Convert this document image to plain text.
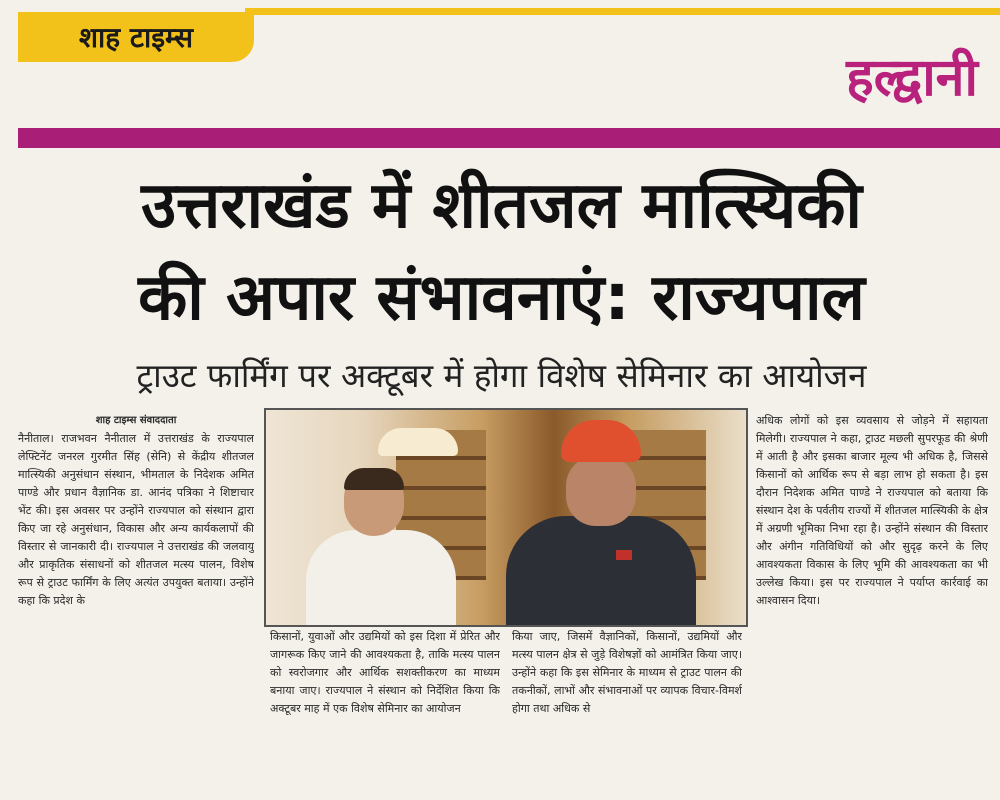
शाह टाइम्स
हल्द्वानी
उत्तराखंड में शीतजल मात्स्यिकी
की अपार संभावनाएं: राज्यपाल
ट्राउट फार्मिंग पर अक्टूबर में होगा विशेष सेमिनार का आयोजन
शाह टाइम्स संवाददाता
नैनीताल। राजभवन नैनीताल में उत्तराखंड के राज्यपाल लेफ्टिनेंट जनरल गुरमीत सिंह (सेनि) से केंद्रीय शीतजल मात्स्यिकी अनुसंधान संस्थान, भीमताल के निदेशक अमित पाण्डे और प्रधान वैज्ञानिक डा. आनंद पत्रिका ने शिष्टाचार भेंट की। इस अवसर पर उन्होंने राज्यपाल को संस्थान द्वारा किए जा रहे अनुसंधान, विकास और अन्य कार्यकलापों की विस्तार से जानकारी दी। राज्यपाल ने उत्तराखंड की जलवायु और प्राकृतिक संसाधनों को शीतजल मत्स्य पालन, विशेष रूप से ट्राउट फार्मिंग के लिए अत्यंत उपयुक्त बताया। उन्होंने कहा कि प्रदेश के
किसानों, युवाओं और उद्यमियों को इस दिशा में प्रेरित और जागरूक किए जाने की आवश्यकता है, ताकि मत्स्य पालन को स्वरोजगार और आर्थिक सशक्तीकरण का माध्यम बनाया जाए। राज्यपाल ने संस्थान को निर्देशित किया कि अक्टूबर माह में एक विशेष सेमिनार का आयोजन
किया जाए, जिसमें वैज्ञानिकों, किसानों, उद्यमियों और मत्स्य पालन क्षेत्र से जुड़े विशेषज्ञों को आमंत्रित किया जाए। उन्होंने कहा कि इस सेमिनार के माध्यम से ट्राउट पालन की तकनीकों, लाभों और संभावनाओं पर व्यापक विचार-विमर्श होगा तथा अधिक से
अधिक लोगों को इस व्यवसाय से जोड़ने में सहायता मिलेगी। राज्यपाल ने कहा, ट्राउट मछली सुपरफूड की श्रेणी में आती है और इसका बाजार मूल्य भी अधिक है, जिससे किसानों को आर्थिक रूप से बड़ा लाभ हो सकता है। इस दौरान निदेशक अमित पाण्डे ने राज्यपाल को बताया कि संस्थान देश के पर्वतीय राज्यों में शीतजल मात्स्यिकी के क्षेत्र में अग्रणी भूमिका निभा रहा है। उन्होंने संस्थान की विस्तार और अंगीन गतिविधियों को और सुदृढ़ करने के लिए आवश्यकता विकास के लिए भूमि की आवश्यकता का भी उल्लेख किया। इस पर राज्यपाल ने पर्याप्त कार्रवाई का आश्वासन दिया।
